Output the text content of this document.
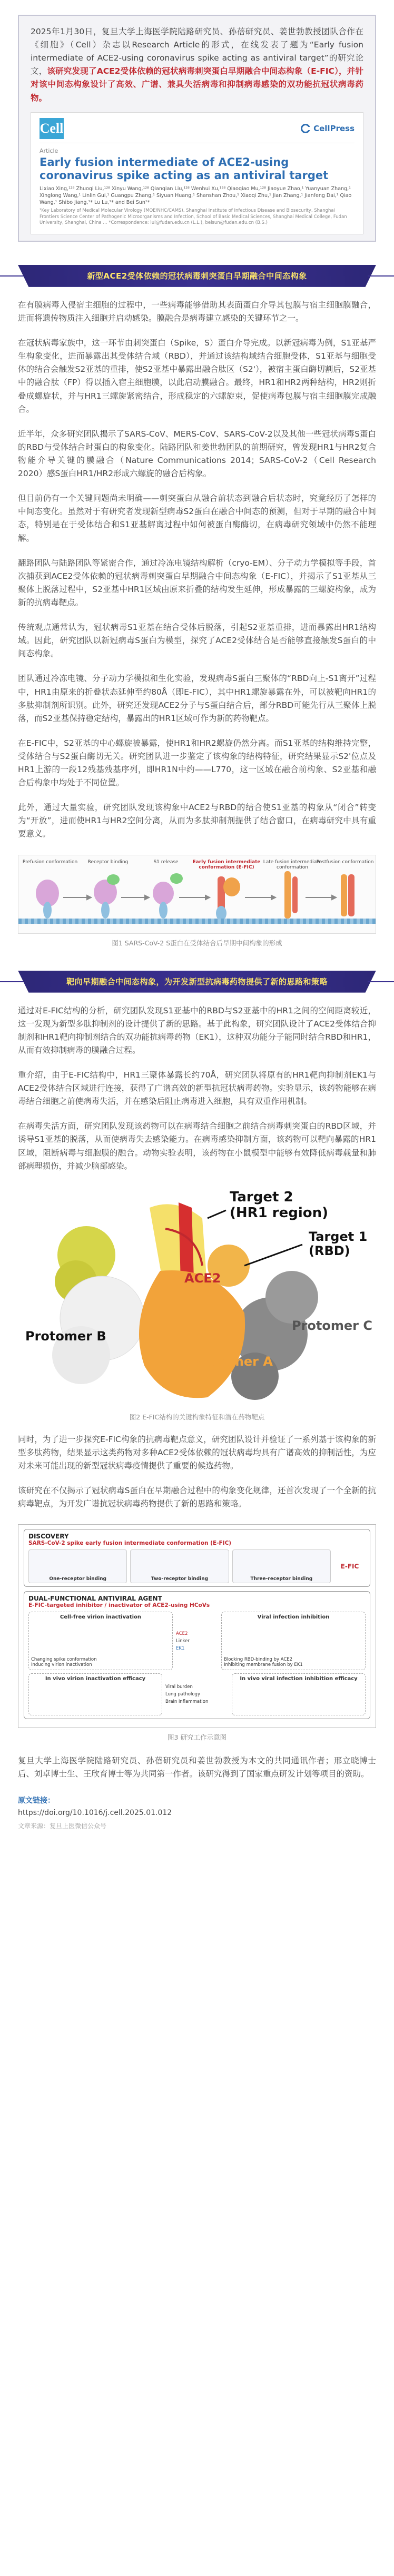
2025年1月30日，复旦大学上海医学院陆路研究员、孙蓓研究员、姜世勃教授团队合作在《细胞》（Cell）杂志以Research Article的形式，在线发表了题为“Early fusion intermediate of ACE2-using coronavirus spike acting as antiviral target”的研究论文，该研究发现了ACE2受体依赖的冠状病毒刺突蛋白早期融合中间态构象（E-FIC），并针对该中间态构象设计了高效、广谱、兼具失活病毒和抑制病毒感染的双功能抗冠状病毒药物。

Cell	CellPress
Article
Early fusion intermediate of ACE2-using coronavirus spike acting as an antiviral target
Lixiao Xing,¹²⁸ Zhuoqi Liu,¹²⁸ Xinyu Wang,¹²⁸ Qianqian Liu,¹²⁸ Wenhui Xu,¹²⁸ Qiaoqiao Mu,¹²⁸ Jiaoyue Zhao,¹ Yuanyuan Zhang,¹ Xinglong Wang,¹ Linlin Gui,¹ Guangpu Zhang,¹ Siyuan Huang,¹ Shanshan Zhou,¹ Xiaoqi Zhu,¹ Jian Zhang,¹ Jianfeng Dai,¹ Qiao Wang,¹ Shibo Jiang,¹* Lu Lu,¹* and Bei Sun¹*
¹Key Laboratory of Medical Molecular Virology (MOE/NHC/CAMS), Shanghai Institute of Infectious Disease and Biosecurity, Shanghai Frontiers Science Center of Pathogenic Microorganisms and Infection, School of Basic Medical Sciences, Shanghai Medical College, Fudan University, Shanghai, China ... *Correspondence: lul@fudan.edu.cn (L.L.), beisun@fudan.edu.cn (B.S.)
新型ACE2受体依赖的冠状病毒刺突蛋白早期融合中间态构象

在有膜病毒入侵宿主细胞的过程中，一些病毒能够借助其表面蛋白介导其包膜与宿主细胞膜融合，进而将遗传物质注入细胞并启动感染。膜融合是病毒建立感染的关键环节之一。

在冠状病毒家族中，这一环节由刺突蛋白（Spike，S）蛋白介导完成。以新冠病毒为例，S1亚基严生构象变化，进而暴露出其受体结合域（RBD），并通过该结构域结合细胞受体，S1亚基与细胞受体的结合会触发S2亚基的重排，使S2亚基中暴露出融合肽区（S2'），被宿主蛋白酶切割后，S2亚基中的融合肽（FP）得以插入宿主细胞膜，以此启动膜融合。最终，HR1和HR2两种结构，HR2则折叠成螺旋状，并与HR1三螺旋紧密结合，形成稳定的六螺旋束，促使病毒包膜与宿主细胞膜完成融合。

近半年，众多研究团队揭示了SARS-CoV、MERS-CoV、SARS-CoV-2以及其他一些冠状病毒S蛋白的RBD与受体结合时蛋白的构象变化。陆路团队和姜世勃团队的前期研究，曾发现HR1与HR2复合物能介导关键的膜融合（Nature Communications 2014；SARS-CoV-2（Cell Research 2020）感S蛋白HR1/HR2形成六螺旋的融合后构象。

但目前仍有一个关键问题尚未明确——刺突蛋白从融合前状态到融合后状态时，究竟经历了怎样的中间态变化。虽然对于有研究者发现新型病毒S2蛋白在融合中间态的预测，但对于早期的融合中间态，特别是在于受体结合和S1亚基解离过程中如何被蛋白酶酶切，在病毒研究领域中仍然不能理解。

翻路团队与陆路团队等紧密合作，通过冷冻电镜结构解析（cryo-EM）、分子动力学模拟等手段，首次捕获到ACE2受体依赖的冠状病毒刺突蛋白早期融合中间态构象（E-FIC），并揭示了S1亚基从三聚体上脱落过程中，S2亚基中HR1区域由原来折叠的结构发生延伸，形成暴露的三螺旋构象，成为新的抗病毒靶点。

传统观点通常认为，冠状病毒S1亚基在结合受体后脱落，引起S2亚基重排，进而暴露出HR1结构域。因此，研究团队以新冠病毒S蛋白为模型，探究了ACE2受体结合是否能够直接触发S蛋白的中间态构象。

团队通过冷冻电镜、分子动力学模拟和生化实验，发现病毒S蛋白三聚体的“RBD向上-S1离开”过程中，HR1由原来的折叠状态延伸至约80Å（即E-FIC），其中HR1螺旋暴露在外，可以被靶向HR1的多肽抑制剂所识别。此外，研究还发现ACE2分子与S蛋白结合后，部分RBD可能先行从三聚体上脱落，而S2亚基保持稳定结构，暴露出的HR1区域可作为新的药物靶点。

在E-FIC中，S2亚基的中心螺旋被暴露，使HR1和HR2螺旋仍然分离。而S1亚基的结构维持完整，受体结合与S2蛋白酶切无关。研究团队进一步鉴定了该构象的结构特征，研究结果显示S2'位点及HR1上游的一段12残基残基序列，即HR1N中约——L770，这一区域在融合前构象、S2亚基和融合后构象中均处于不同位置。

此外，通过大量实验，研究团队发现该构象中ACE2与RBD的结合使S1亚基的构象从“闭合”转变为“开放”，进而使HR1与HR2空间分离，从而为多肽抑制剂提供了结合窗口，在病毒研究中具有重要意义。

Prefusion conformation	Receptor binding	S1 release	Early fusion intermediate conformation (E-FIC)
Late fusion intermediate conformation
Postfusion conformation
图1 SARS-CoV-2 S蛋白在受体结合后早期中间构象的形成
靶向早期融合中间态构象，为开发新型抗病毒药物提供了新的思路和策略

通过对E-FIC结构的分析，研究团队发现S1亚基中的RBD与S2亚基中的HR1之间的空间距离较近，这一发现为新型多肽抑制剂的设计提供了新的思路。基于此构象，研究团队设计了ACE2受体结合抑制剂和HR1靶向抑制剂结合的双功能抗病毒药物（EK1），这种双功能分子能同时结合RBD和HR1，从而有效抑制病毒的膜融合过程。

重介绍，由于E-FIC结构中，HR1三聚体暴露长约70Å，研究团队将原有的HR1靶向抑制剂EK1与ACE2受体结合区域进行连接，获得了广谱高效的新型抗冠状病毒药物。实验显示，该药物能够在病毒结合细胞之前使病毒失活，并在感染后阻止病毒进入细胞，具有双重作用机制。

在病毒失活方面，研究团队发现该药物可以在病毒结合细胞之前结合病毒刺突蛋白的RBD区域，并诱导S1亚基的脱落，从而使病毒失去感染能力。在病毒感染抑制方面，该药物可以靶向暴露的HR1区域，阻断病毒与细胞膜的融合。动物实验表明，该药物在小鼠模型中能够有效降低病毒载量和肺部病理损伤，并减少脑部感染。

Target 2
(HR1 region)
Target 1
(RBD)
ACE2
Protomer B
Protomer C
Protomer A
图2 E-FIC结构的关键构象特征和潜在药物靶点

同时，为了进一步探究E-FIC构象的抗病毒靶点意义，研究团队设计并验证了一系列基于该构象的新型多肽药物，结果显示这类药物对多种ACE2受体依赖的冠状病毒均具有广谱高效的抑制活性，为应对未来可能出现的新型冠状病毒疫情提供了重要的候选药物。

该研究在不仅揭示了冠状病毒S蛋白在早期融合过程中的构象变化规律，还首次发现了一个全新的抗病毒靶点，为开发广谱抗冠状病毒药物提供了新的思路和策略。

DISCOVERY
SARS-CoV-2 spike early fusion intermediate conformation (E-FIC)
One-receptor binding	Two-receptor binding	Three-receptor binding
E-FIC
DUAL-FUNCTIONAL ANTIVIRAL AGENT
E-FIC-targeted inhibitor / inactivator of ACE2-using HCoVs
Cell-free virion inactivation
Changing spike conformation
Inducing virion inactivation
ACE2
Linker
EK1
Viral infection inhibition
Blocking RBD-binding by ACE2
Inhibiting membrane fusion by EK1
In vivo virion inactivation efficacy
Viral burden
Lung pathology
Brain inflammation
In vivo viral infection inhibition efficacy
图3 研究工作示意图

复旦大学上海医学院陆路研究员、孙蓓研究员和姜世勃教授为本文的共同通讯作者；邢立晓博士后、刘卓博士生、王欣育博士等为共同第一作者。该研究得到了国家重点研发计划等项目的资助。

原文链接：
https://doi.org/10.1016/j.cell.2025.01.012
文章来源：复旦上医微信公众号
